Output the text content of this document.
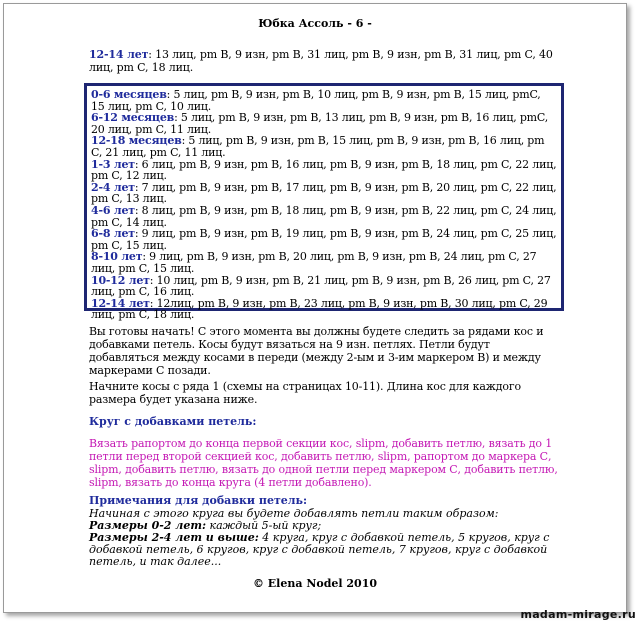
Юбка Ассоль - 6 -
12-14 лет: 13 лиц, рm B, 9 изн, рm B, 31 лиц, рm B, 9 изн, рm B, 31 лиц, рm C, 40 лиц, рm C, 18 лиц.
0-6 месяцев: 5 лиц, рm B, 9 изн, рm B, 10 лиц, рm B, 9 изн, рm B, 15 лиц, рmC, 15 лиц, рm C, 10 лиц.
6-12 месяцев: 5 лиц, рm B, 9 изн, рm B, 13 лиц, рm B, 9 изн, рm B, 16 лиц, рmC, 20 лиц, рm C, 11 лиц.
12-18 месяцев: 5 лиц, рm B, 9 изн, рm B, 15 лиц, рm B, 9 изн, рm B, 16 лиц, рm C, 21 лиц, рm C, 11 лиц.
1-3 лет: 6 лиц, рm B, 9 изн, рm B, 16 лиц, рm B, 9 изн, рm B, 18 лиц, рm C, 22 лиц, рm C, 12 лиц.
2-4 лет: 7 лиц, рm B, 9 изн, рm B, 17 лиц, рm B, 9 изн, рm B, 20 лиц, рm C, 22 лиц, рm C, 13 лиц.
4-6 лет: 8 лиц, рm B, 9 изн, рm B, 18 лиц, рm B, 9 изн, рm B, 22 лиц, рm C, 24 лиц, рm C, 14 лиц.
6-8 лет: 9 лиц, рm B, 9 изн, рm B, 19 лиц, рm B, 9 изн, рm B, 24 лиц, рm C, 25 лиц, рm C, 15 лиц.
8-10 лет: 9 лиц, рm B, 9 изн, рm B, 20 лиц, рm B, 9 изн, рm B, 24 лиц, рm C, 27 лиц, рm C, 15 лиц.
10-12 лет: 10 лиц, рm B, 9 изн, рm B, 21 лиц, рm B, 9 изн, рm B, 26 лиц, рm C, 27 лиц, рm C, 16 лиц.
12-14 лет: 12лиц, рm B, 9 изн, рm B, 23 лиц, рm B, 9 изн, рm B, 30 лиц, рm C, 29 лиц, рm C, 18 лиц.
Вы готовы начать! С этого момента вы должны будете следить за рядами кос и добавками петель. Косы будут вязаться на 9 изн. петлях. Петли будут добавляться между косами в переди (между 2-ым и 3-им маркером B) и между маркерами С позади.
Начните косы с ряда 1 (схемы на страницах 10-11). Длина кос для каждого размера будет указана ниже.
Круг с добавками петель:
Вязать рапортом до конца первой секции кос, slipm, добавить петлю, вязать до 1 петли перед второй секцией кос, добавить петлю, slipm, рапортом до маркера С, slipm, добавить петлю, вязать до одной петли перед маркером С, добавить петлю, slipm, вязать до конца круга (4 петли добавлено).
Примечания для добавки петель:
Начиная с этого круга вы будете добавлять петли таким образом:
Размеры 0-2 лет: каждый 5-ый круг;
Размеры 2-4 лет и выше: 4 круга, круг с добавкой петель, 5 кругов, круг с добавкой петель, 6 кругов, круг с добавкой петель, 7 кругов, круг с добавкой петель, и так далее...
© Elena Nodel 2010
madam-mirage.ru
